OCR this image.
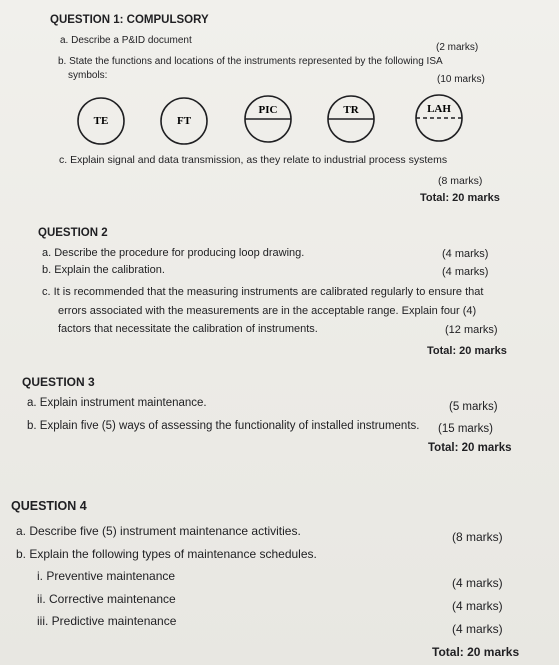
QUESTION 1: COMPULSORY
a. Describe a P&ID document
(2 marks)
b. State the functions and locations of the instruments represented by the following ISA
symbols:	(10 marks)
TE	FT
PIC	TR	LAH
c. Explain signal and data transmission, as they relate to industrial process systems
(8 marks)
Total: 20 marks
QUESTION 2
a. Describe the procedure for producing loop drawing.	(4 marks)
b. Explain the calibration.	(4 marks)
c. It is recommended that the measuring instruments are calibrated regularly to ensure that
errors associated with the measurements are in the acceptable range. Explain four (4)
factors that necessitate the calibration of instruments.	(12 marks)
Total: 20 marks
QUESTION 3
a. Explain instrument maintenance.	(5 marks)
b. Explain five (5) ways of assessing the functionality of installed instruments. (15 marks)
Total: 20 marks
QUESTION 4
a. Describe five (5) instrument maintenance activities.	(8 marks)
b. Explain the following types of maintenance schedules.
i. Preventive maintenance	(4 marks)
ii. Corrective maintenance	(4 marks)
iii. Predictive maintenance
(4 marks)
Total: 20 marks
